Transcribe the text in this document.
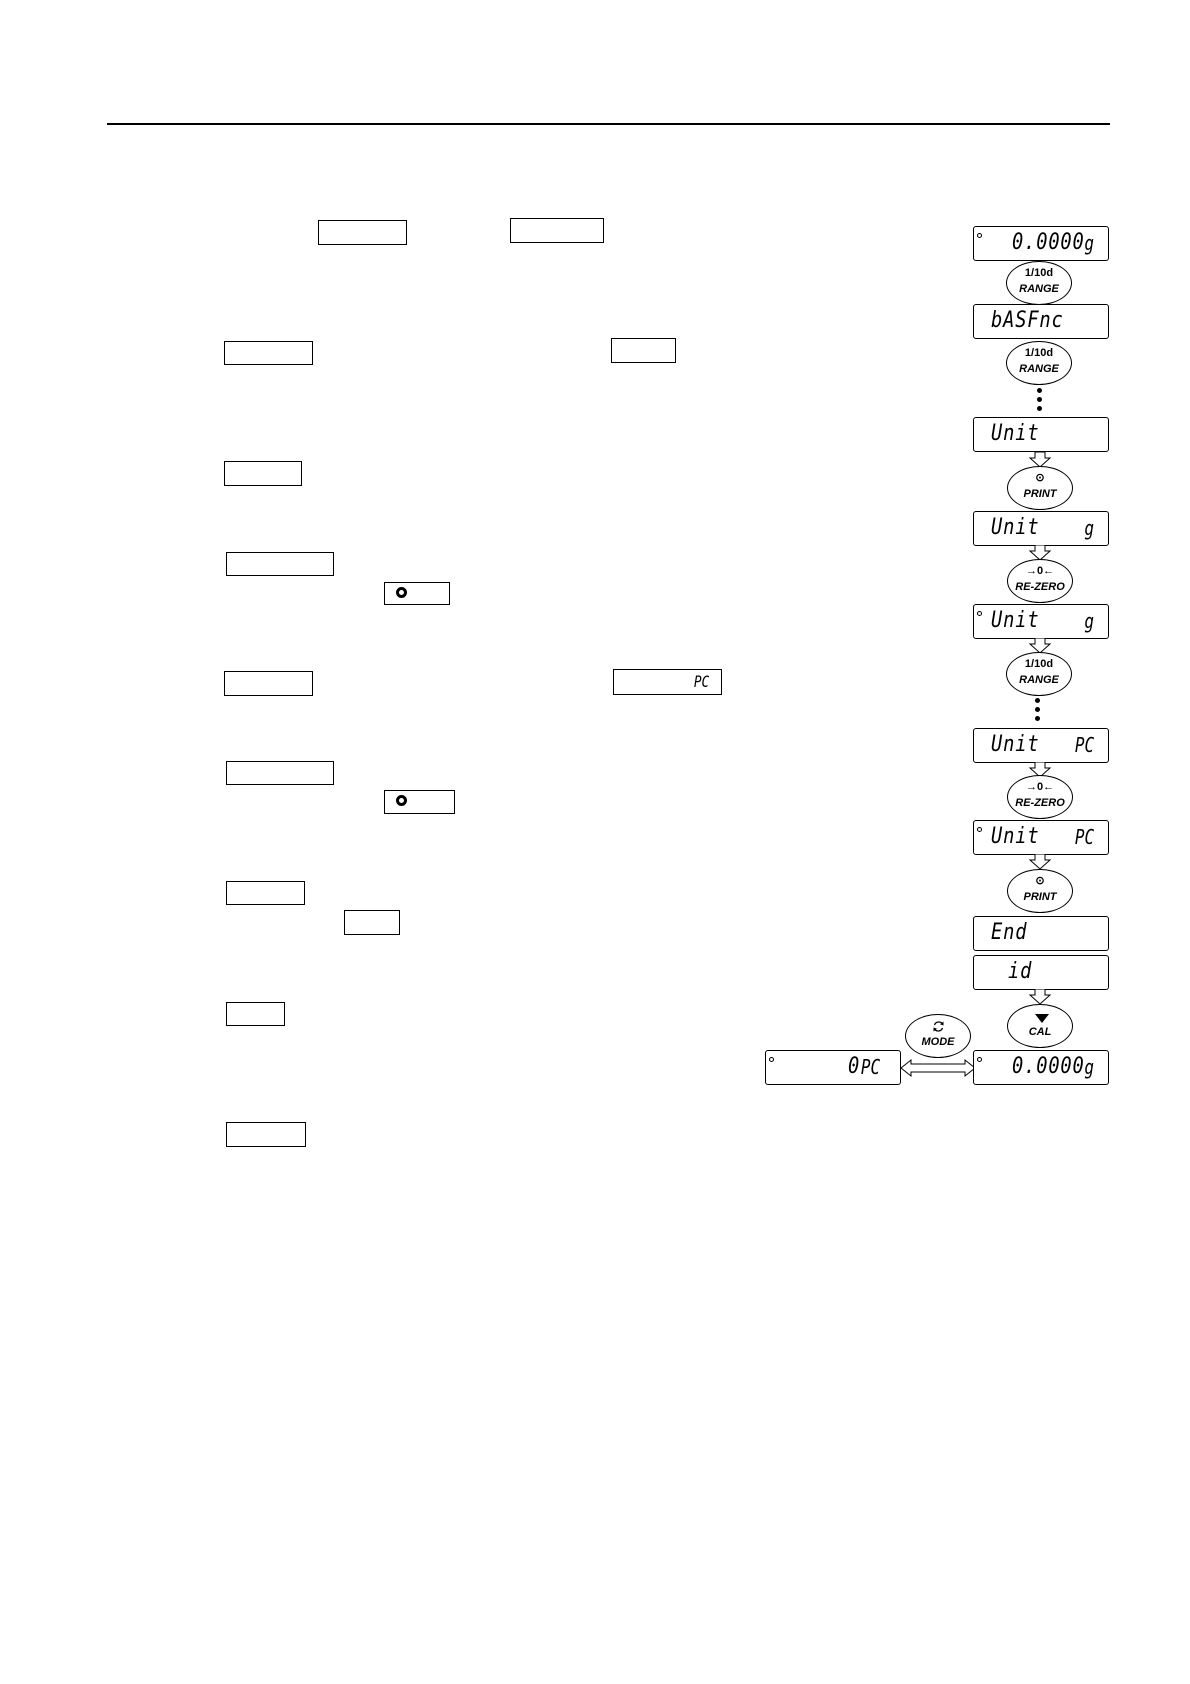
PC
0.0000 g
1/10d
RANGE
bASFnc
1/10d
RANGE
Unit
⊙
PRINT
Unit g
→0←
RE-ZERO
Unit g
1/10d
RANGE
Unit PC
→0←
RE-ZERO
Unit PC
⊙
PRINT
End
id
CAL
MODE
0 PC	0.0000 g
